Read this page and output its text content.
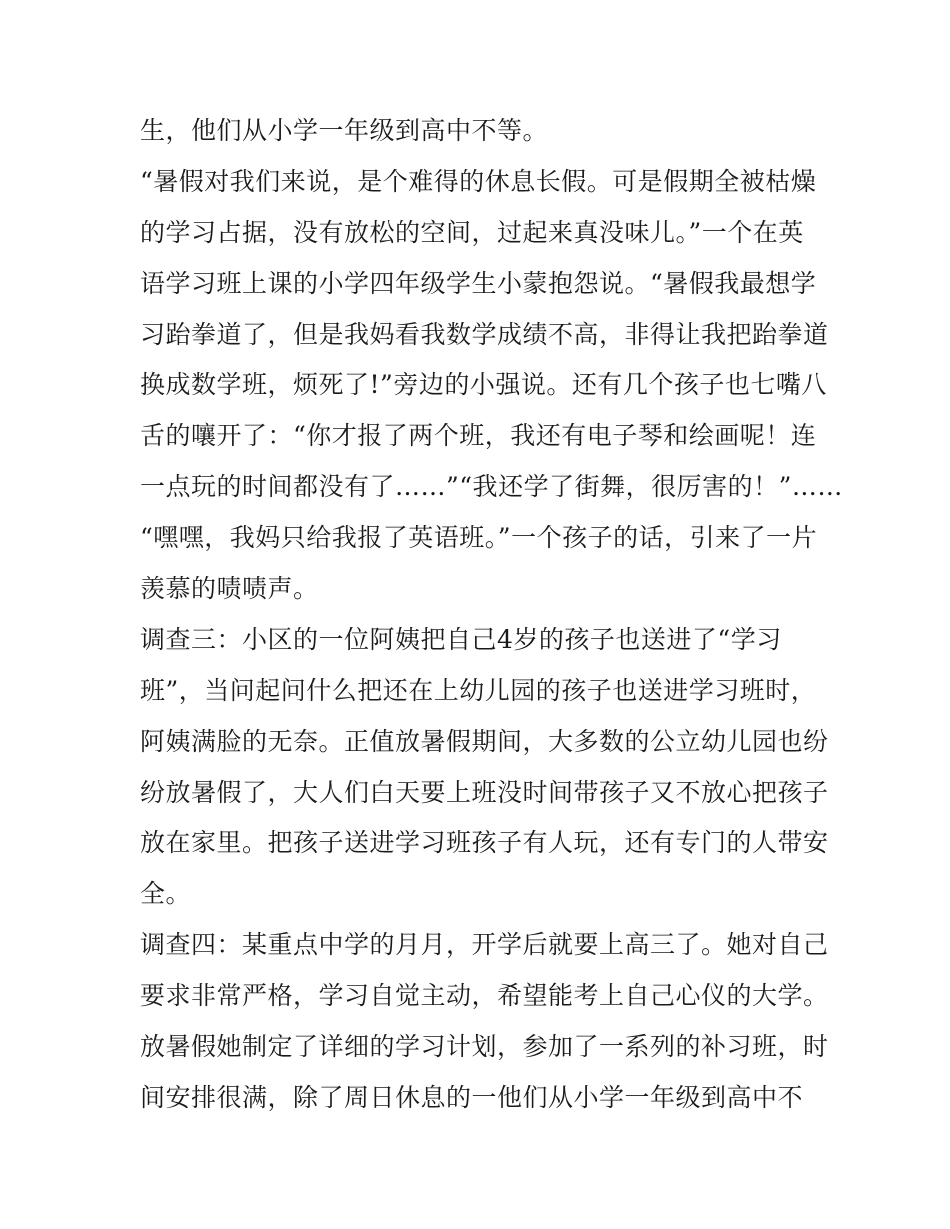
生，他们从小学一年级到高中不等。
“暑假对我们来说，是个难得的休息长假。可是假期全被枯燥
的学习占据，没有放松的空间，过起来真没味儿。”一个在英
语学习班上课的小学四年级学生小蒙抱怨说。“暑假我最想学
习跆拳道了，但是我妈看我数学成绩不高，非得让我把跆拳道
换成数学班，烦死了!”旁边的小强说。还有几个孩子也七嘴八
舌的嚷开了：“你才报了两个班，我还有电子琴和绘画呢！连
一点玩的时间都没有了……”“我还学了街舞，很厉害的！”……
“嘿嘿，我妈只给我报了英语班。”一个孩子的话，引来了一片
羡慕的啧啧声。
调查三：小区的一位阿姨把自己4岁的孩子也送进了“学习
班”，当问起问什么把还在上幼儿园的孩子也送进学习班时，
阿姨满脸的无奈。正值放暑假期间，大多数的公立幼儿园也纷
纷放暑假了，大人们白天要上班没时间带孩子又不放心把孩子
放在家里。把孩子送进学习班孩子有人玩，还有专门的人带安
全。
调查四：某重点中学的月月，开学后就要上高三了。她对自己
要求非常严格，学习自觉主动，希望能考上自己心仪的大学。
放暑假她制定了详细的学习计划，参加了一系列的补习班，时
间安排很满，除了周日休息的一他们从小学一年级到高中不
